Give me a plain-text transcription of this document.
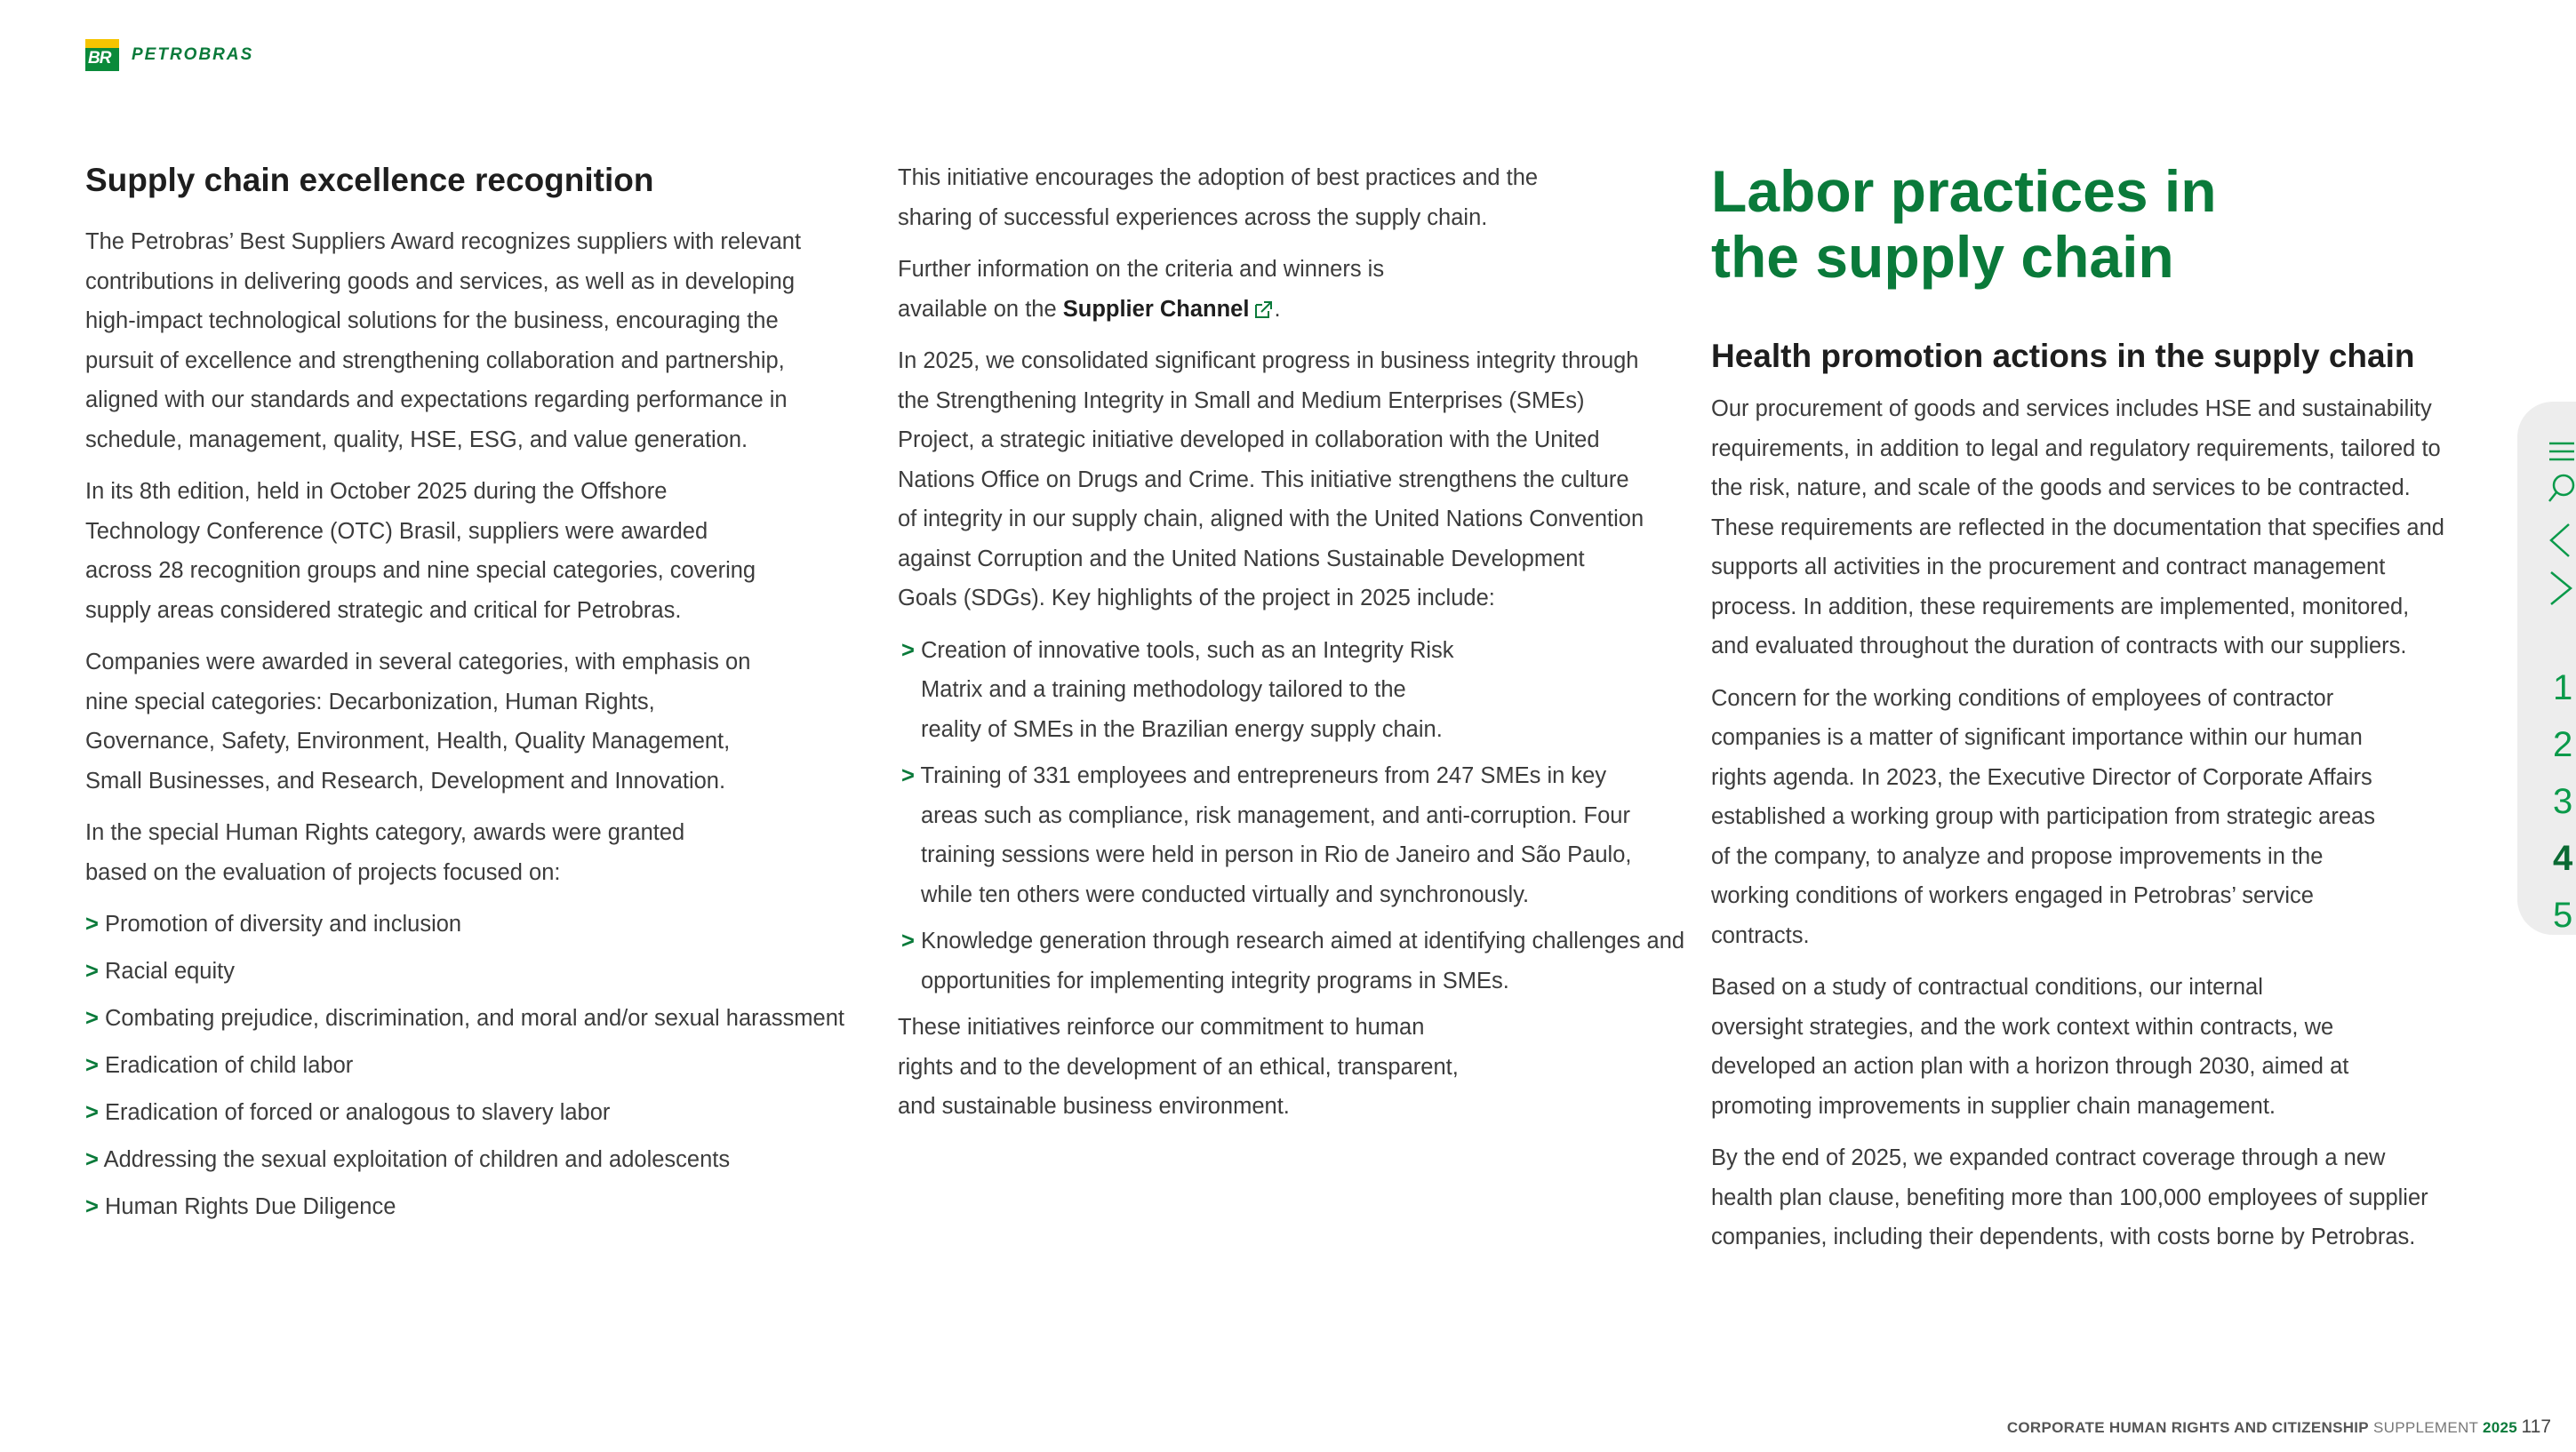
BR PETROBRAS
Supply chain excellence recognition

The Petrobras’ Best Suppliers Award recognizes suppliers with relevant contributions in delivering goods and services, as well as in developing high-impact technological solutions for the business, encouraging the pursuit of excellence and strengthening collaboration and partnership, aligned with our standards and expectations regarding performance in schedule, management, quality, HSE, ESG, and value generation.

In its 8th edition, held in October 2025 during the Offshore Technology Conference (OTC) Brasil, suppliers were awarded across 28 recognition groups and nine special categories, covering supply areas considered strategic and critical for Petrobras.

Companies were awarded in several categories, with emphasis on nine special categories: Decarbonization, Human Rights, Governance, Safety, Environment, Health, Quality Management, Small Businesses, and Research, Development and Innovation.

In the special Human Rights category, awards were granted based on the evaluation of projects focused on:

> Promotion of diversity and inclusion
> Racial equity
> Combating prejudice, discrimination, and moral and/or sexual harassment
> Eradication of child labor
> Eradication of forced or analogous to slavery labor
> Addressing the sexual exploitation of children and adolescents
> Human Rights Due Diligence

This initiative encourages the adoption of best practices and the sharing of successful experiences across the supply chain.

Further information on the criteria and winners is available on the Supplier Channel .

In 2025, we consolidated significant progress in business integrity through the Strengthening Integrity in Small and Medium Enterprises (SMEs) Project, a strategic initiative developed in collaboration with the United Nations Office on Drugs and Crime. This initiative strengthens the culture of integrity in our supply chain, aligned with the United Nations Convention against Corruption and the United Nations Sustainable Development Goals (SDGs). Key highlights of the project in 2025 include:

> Creation of innovative tools, such as an Integrity Risk Matrix and a training methodology tailored to the reality of SMEs in the Brazilian energy supply chain.
> Training of 331 employees and entrepreneurs from 247 SMEs in key areas such as compliance, risk management, and anti-corruption. Four training sessions were held in person in Rio de Janeiro and São Paulo, while ten others were conducted virtually and synchronously.
> Knowledge generation through research aimed at identifying challenges and opportunities for implementing integrity programs in SMEs.

These initiatives reinforce our commitment to human rights and to the development of an ethical, transparent, and sustainable business environment.

Labor practices in the supply chain
Health promotion actions in the supply chain

Our procurement of goods and services includes HSE and sustainability requirements, in addition to legal and regulatory requirements, tailored to the risk, nature, and scale of the goods and services to be contracted. These requirements are reflected in the documentation that specifies and supports all activities in the procurement and contract management process. In addition, these requirements are implemented, monitored, and evaluated throughout the duration of contracts with our suppliers.

Concern for the working conditions of employees of contractor companies is a matter of significant importance within our human rights agenda. In 2023, the Executive Director of Corporate Affairs established a working group with participation from strategic areas of the company, to analyze and propose improvements in the working conditions of workers engaged in Petrobras’ service contracts.

Based on a study of contractual conditions, our internal oversight strategies, and the work context within contracts, we developed an action plan with a horizon through 2030, aimed at promoting improvements in supplier chain management.

By the end of 2025, we expanded contract coverage through a new health plan clause, benefiting more than 100,000 employees of supplier companies, including their dependents, with costs borne by Petrobras.

1
2
3
4
5
CORPORATE HUMAN RIGHTS AND CITIZENSHIP SUPPLEMENT 2025 117
